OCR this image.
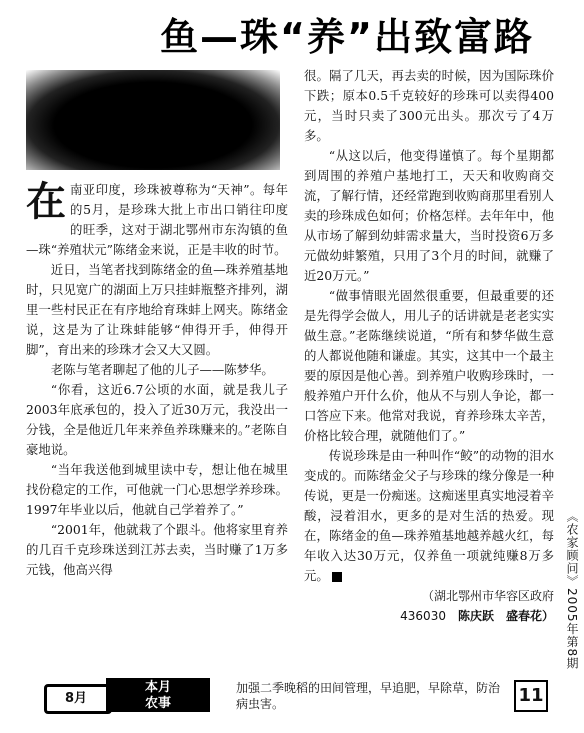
鱼—珠“养”出致富路

在南亚印度，珍珠被尊称为“天神”。每年的5月，是珍珠大批上市出口销往印度的旺季，这对于湖北鄂州市东沟镇的鱼—珠“养殖状元”陈绪金来说，正是丰收的时节。

近日，当笔者找到陈绪金的鱼—珠养殖基地时，只见宽广的湖面上万只挂蚌瓶整齐排列，湖里一些村民正在有序地给育珠蚌上网夹。陈绪金说，这是为了让珠蚌能够“伸得开手，伸得开脚”，育出来的珍珠才会又大又圆。

老陈与笔者聊起了他的儿子——陈梦华。

“你看，这近6.7公顷的水面，就是我儿子2003年底承包的，投入了近30万元，我没出一分钱，全是他近几年来养鱼养珠赚来的。”老陈自豪地说。

“当年我送他到城里读中专，想让他在城里找份稳定的工作，可他就一门心思想学养珍珠。1997年毕业以后，他就自己学着养了。”

“2001年，他就栽了个跟斗。他将家里育养的几百千克珍珠送到江苏去卖，当时赚了1万多元钱，他高兴得

很。隔了几天，再去卖的时候，因为国际珠价下跌；原本0.5千克较好的珍珠可以卖得400元，当时只卖了300元出头。那次亏了4万多。

“从这以后，他变得谨慎了。每个星期都到周围的养殖户基地打工，天天和收购商交流，了解行情，还经常跑到收购商那里看别人卖的珍珠成色如何；价格怎样。去年年中，他从市场了解到幼蚌需求量大，当时投资6万多元做幼蚌繁殖，只用了3个月的时间，就赚了近20万元。”

“做事情眼光固然很重要，但最重要的还是先得学会做人，用儿子的话讲就是老老实实做生意。”老陈继续说道，“所有和梦华做生意的人都说他随和谦虚。其实，这其中一个最主要的原因是他心善。到养殖户收购珍珠时，一般养殖户开什么价，他从不与别人争论，都一口答应下来。他常对我说，育养珍珠太辛苦，价格比较合理，就随他们了。”

传说珍珠是由一种叫作“鲛”的动物的泪水变成的。而陈绪金父子与珍珠的缘分像是一种传说，更是一份痴迷。这痴迷里真实地浸着辛酸，浸着泪水，更多的是对生活的热爱。现在，陈绪金的鱼—珠养殖基地越养越火红，每年收入达30万元，仅养鱼一项就纯赚8万多元。

（湖北鄂州市华容区政府
436030　 陈庆跃　盛春花） 《农家顾问》2005年第8期
8月
本月
农事
加强二季晚稻的田间管理，早追肥，早除草，防治病虫害。	11
